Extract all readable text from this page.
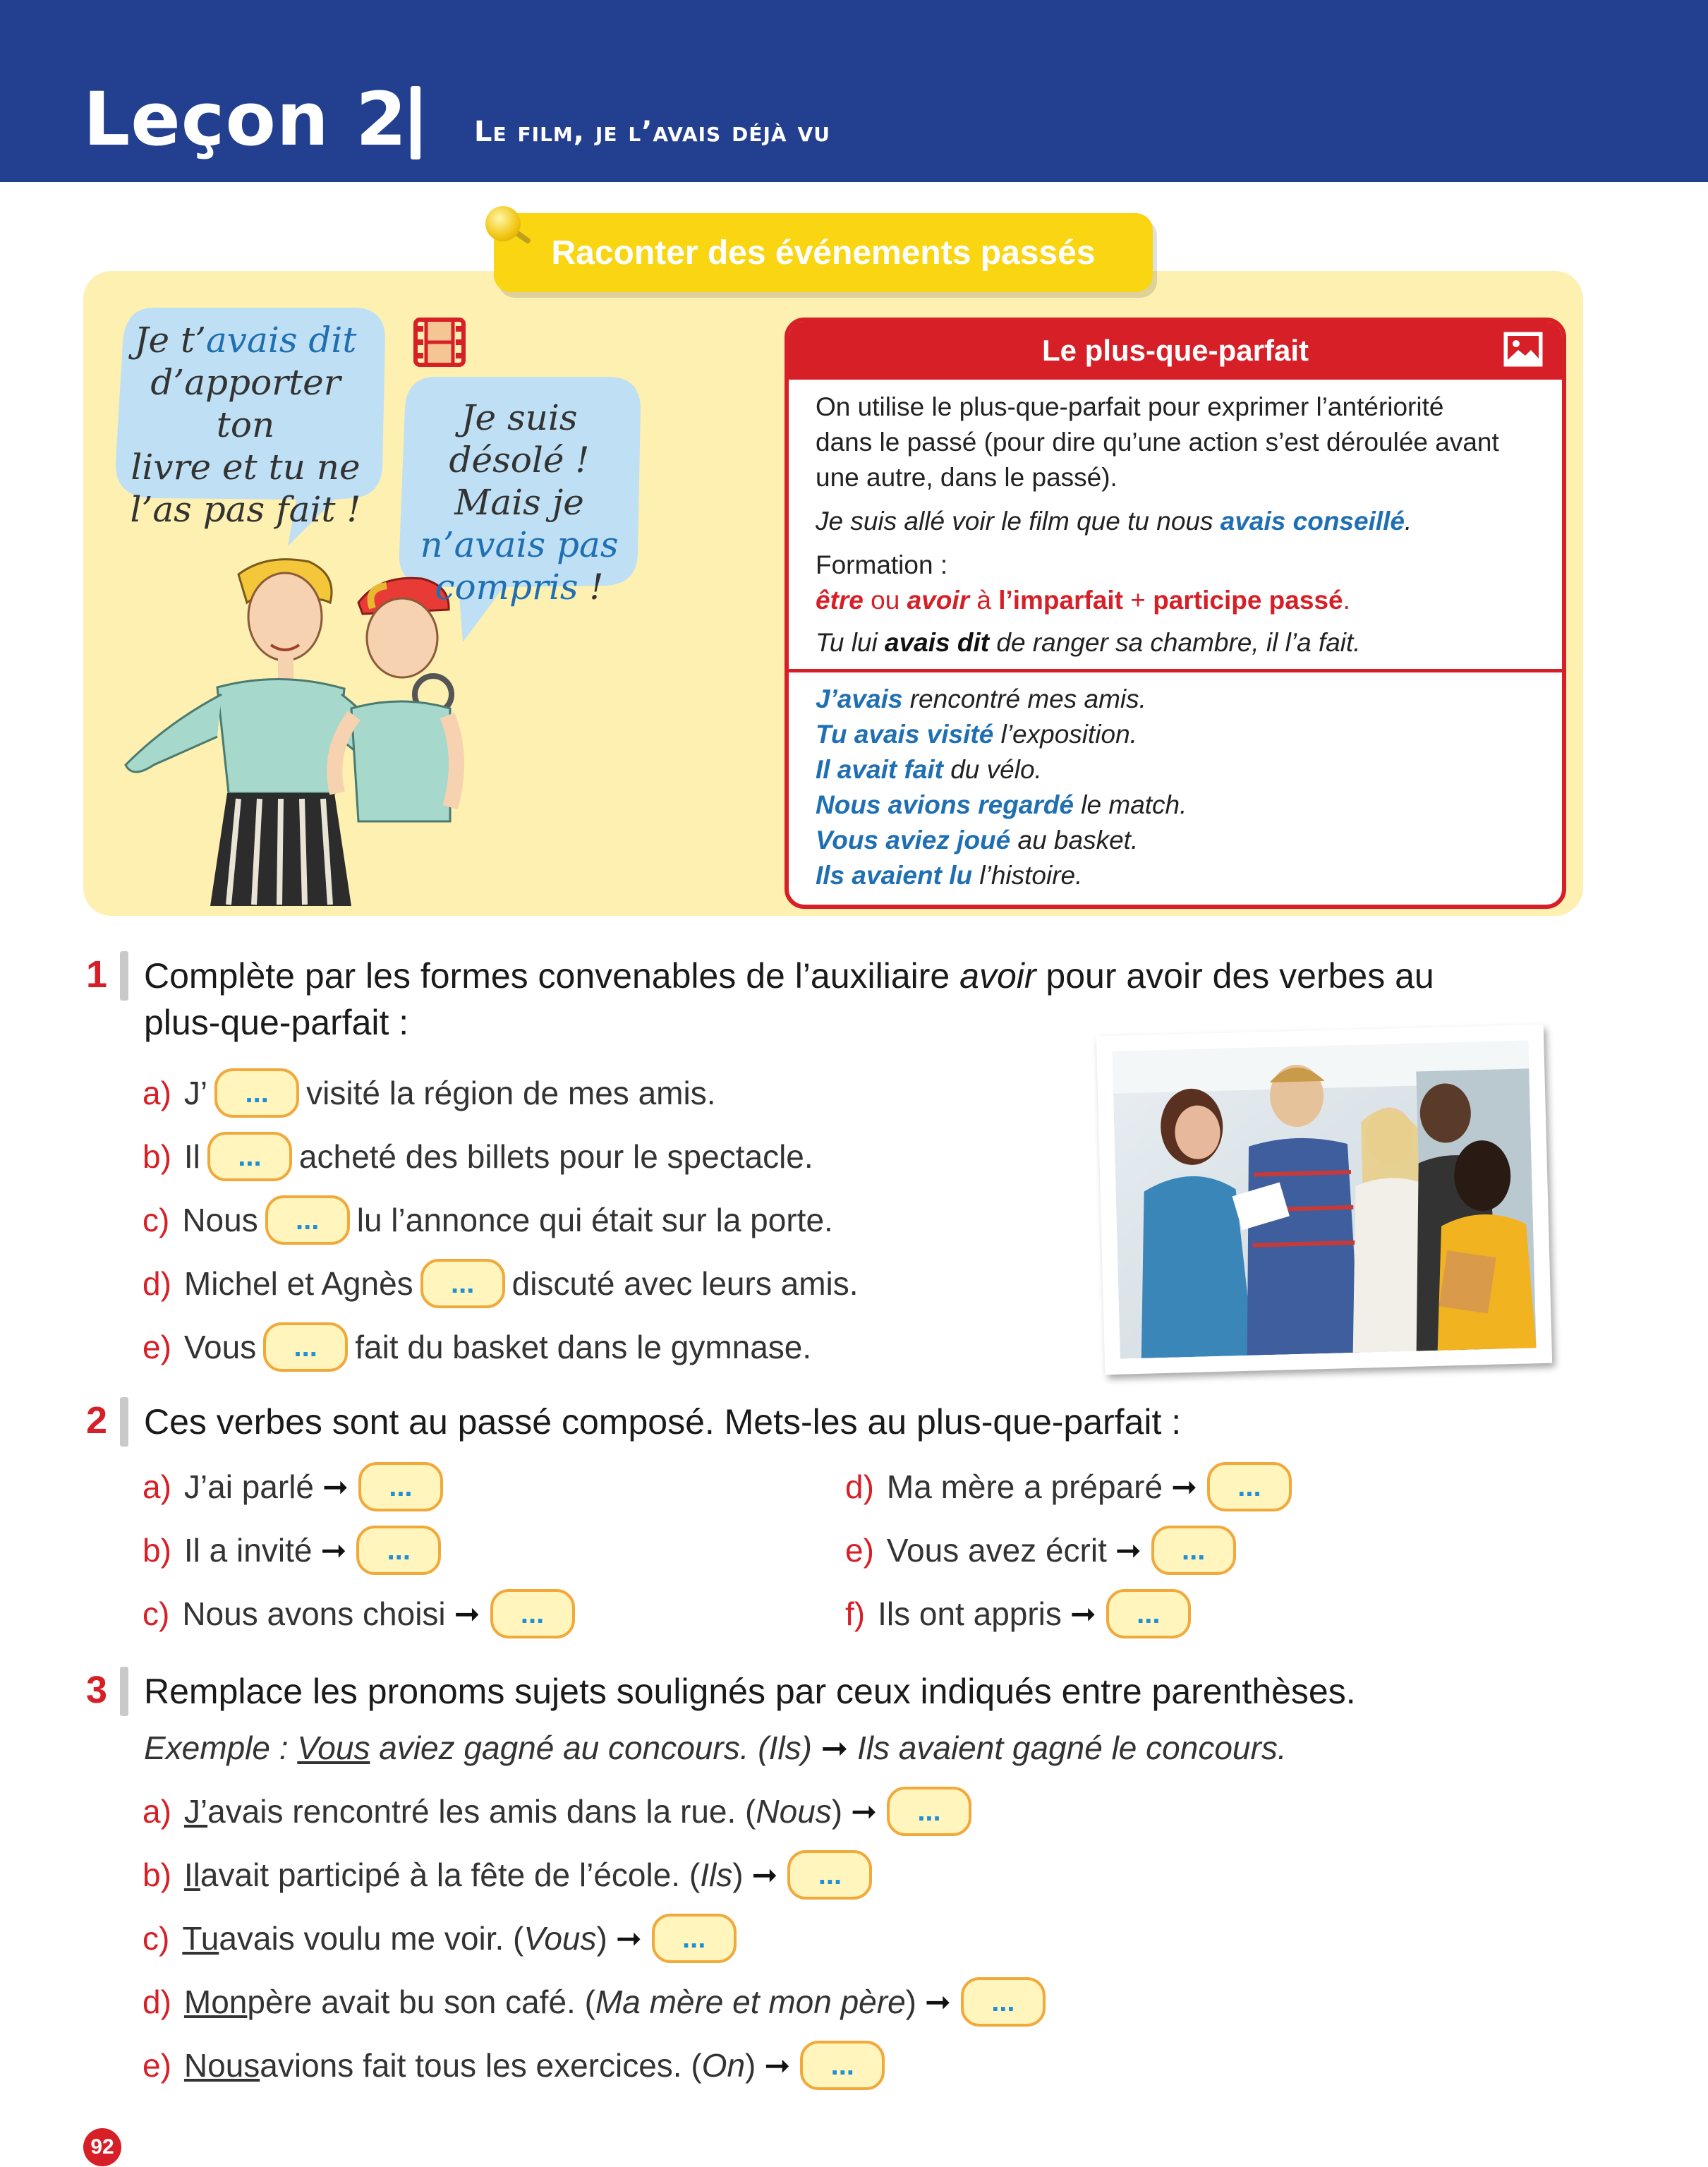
Leçon 2 Le film, je l’avais déjà vu
Raconter des événements passés
Je t’avais dit
d’apporter ton
livre et tu ne
l’as pas fait !
Je suis désolé !
Mais je
n’avais pas
compris !
Le plus-que-parfait
On utilise le plus-que-parfait pour exprimer l’antériorité
dans le passé (pour dire qu’une action s’est déroulée avant
une autre, dans le passé).
Je suis allé voir le film que tu nous avais conseillé.
Formation :
être ou avoir à l’imparfait + participe passé.
Tu lui avais dit de ranger sa chambre, il l’a fait.
J’avais rencontré mes amis.
Tu avais visité l’exposition.
Il avait fait du vélo.
Nous avions regardé le match.
Vous aviez joué au basket.
Ils avaient lu l’histoire.
1 Complète par les formes convenables de l’auxiliaire avoir pour avoir des verbes au
plus-que-parfait :
a) J’	...	visité la région de mes amis.
b) Il	...	acheté des billets pour le spectacle.
c) Nous	...	lu l’annonce qui était sur la porte.
d) Michel et Agnès	...	discuté avec leurs amis.
e) Vous	...	fait du basket dans le gymnase.
2 Ces verbes sont au passé composé. Mets-les au plus-que-parfait :
a) J’ai parlé ➞	...
b) Il a invité ➞	...
c) Nous avons choisi ➞	...
d) Ma mère a préparé ➞	...
e) Vous avez écrit ➞	...
f) Ils ont appris ➞	...
3 Remplace les pronoms sujets soulignés par ceux indiqués entre parenthèses.
Exemple : Vous aviez gagné au concours. (Ils) ➞ Ils avaient gagné le concours.
a) J’ avais rencontré les amis dans la rue. ( Nous ) ➞	...
b) Il avait participé à la fête de l’école. ( Ils ) ➞	...
c) Tu avais voulu me voir. ( Vous ) ➞	...
d) Mon père avait bu son café. ( Ma mère et mon père ) ➞	...
e) Nous avions fait tous les exercices. ( On ) ➞	...
92
